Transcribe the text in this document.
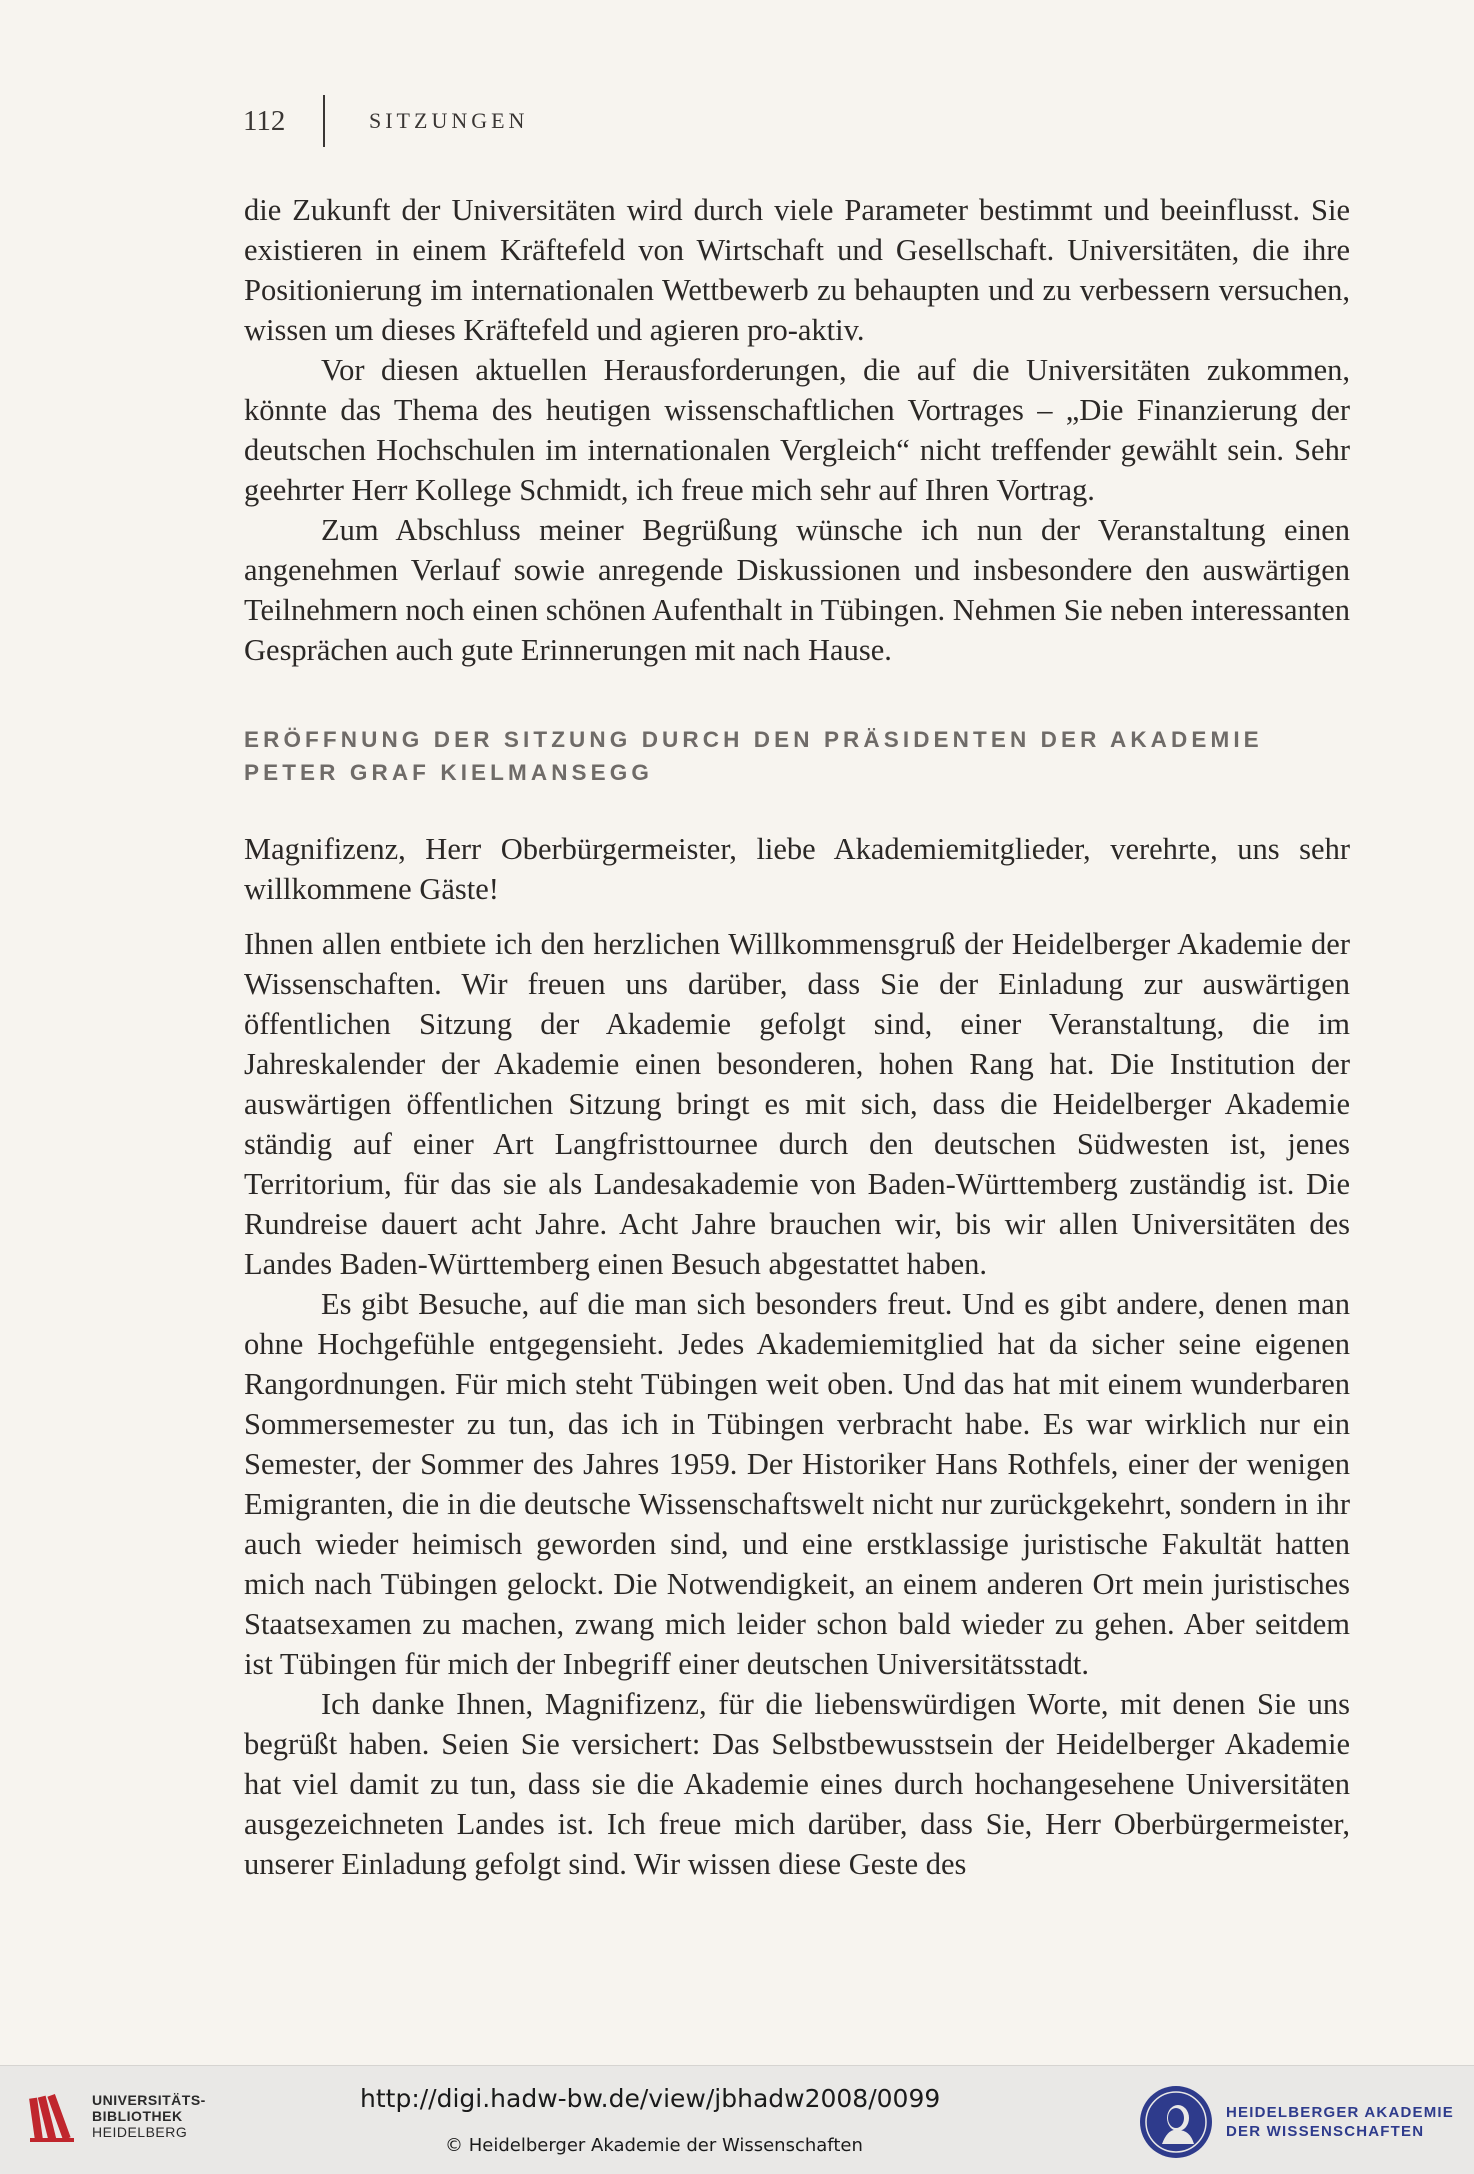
112	SITZUNGEN

die Zukunft der Universitäten wird durch viele Parameter bestimmt und beeinflusst. Sie existieren in einem Kräftefeld von Wirtschaft und Gesellschaft. Universitäten, die ihre Positionierung im internationalen Wettbewerb zu behaupten und zu verbessern versuchen, wissen um dieses Kräftefeld und agieren pro-aktiv.

Vor diesen aktuellen Herausforderungen, die auf die Universitäten zukommen, könnte das Thema des heutigen wissenschaftlichen Vortrages – „Die Finanzierung der deutschen Hochschulen im internationalen Vergleich“ nicht treffender gewählt sein. Sehr geehrter Herr Kollege Schmidt, ich freue mich sehr auf Ihren Vortrag.

Zum Abschluss meiner Begrüßung wünsche ich nun der Veranstaltung einen angenehmen Verlauf sowie anregende Diskussionen und insbesondere den auswärtigen Teilnehmern noch einen schönen Aufenthalt in Tübingen. Nehmen Sie neben interessanten Gesprächen auch gute Erinnerungen mit nach Hause.

ERÖFFNUNG DER SITZUNG DURCH DEN PRÄSIDENTEN DER AKADEMIE
PETER GRAF KIELMANSEGG

Magnifizenz, Herr Oberbürgermeister, liebe Akademiemitglieder, verehrte, uns sehr willkommene Gäste!

Ihnen allen entbiete ich den herzlichen Willkommensgruß der Heidelberger Akademie der Wissenschaften. Wir freuen uns darüber, dass Sie der Einladung zur auswärtigen öffentlichen Sitzung der Akademie gefolgt sind, einer Veranstaltung, die im Jahreskalender der Akademie einen besonderen, hohen Rang hat. Die Institution der auswärtigen öffentlichen Sitzung bringt es mit sich, dass die Heidelberger Akademie ständig auf einer Art Langfristtournee durch den deutschen Südwesten ist, jenes Territorium, für das sie als Landesakademie von Baden-Württemberg zuständig ist. Die Rundreise dauert acht Jahre. Acht Jahre brauchen wir, bis wir allen Universitäten des Landes Baden-Württemberg einen Besuch abgestattet haben.

Es gibt Besuche, auf die man sich besonders freut. Und es gibt andere, denen man ohne Hochgefühle entgegensieht. Jedes Akademiemitglied hat da sicher seine eigenen Rangordnungen. Für mich steht Tübingen weit oben. Und das hat mit einem wunderbaren Sommersemester zu tun, das ich in Tübingen verbracht habe. Es war wirklich nur ein Semester, der Sommer des Jahres 1959. Der Historiker Hans Rothfels, einer der wenigen Emigranten, die in die deutsche Wissenschaftswelt nicht nur zurückgekehrt, sondern in ihr auch wieder heimisch geworden sind, und eine erstklassige juristische Fakultät hatten mich nach Tübingen gelockt. Die Notwendigkeit, an einem anderen Ort mein juristisches Staatsexamen zu machen, zwang mich leider schon bald wieder zu gehen. Aber seitdem ist Tübingen für mich der Inbegriff einer deutschen Universitätsstadt.

Ich danke Ihnen, Magnifizenz, für die liebenswürdigen Worte, mit denen Sie uns begrüßt haben. Seien Sie versichert: Das Selbstbewusstsein der Heidelberger Akademie hat viel damit zu tun, dass sie die Akademie eines durch hochangesehene Universitäten ausgezeichneten Landes ist. Ich freue mich darüber, dass Sie, Herr Oberbürgermeister, unserer Einladung gefolgt sind. Wir wissen diese Geste des

UNIVERSITÄTS-
BIBLIOTHEK
HEIDELBERG
http://digi.hadw-bw.de/view/jbhadw2008/0099
© Heidelberger Akademie der Wissenschaften
HEIDELBERGER AKADEMIE
DER WISSENSCHAFTEN
